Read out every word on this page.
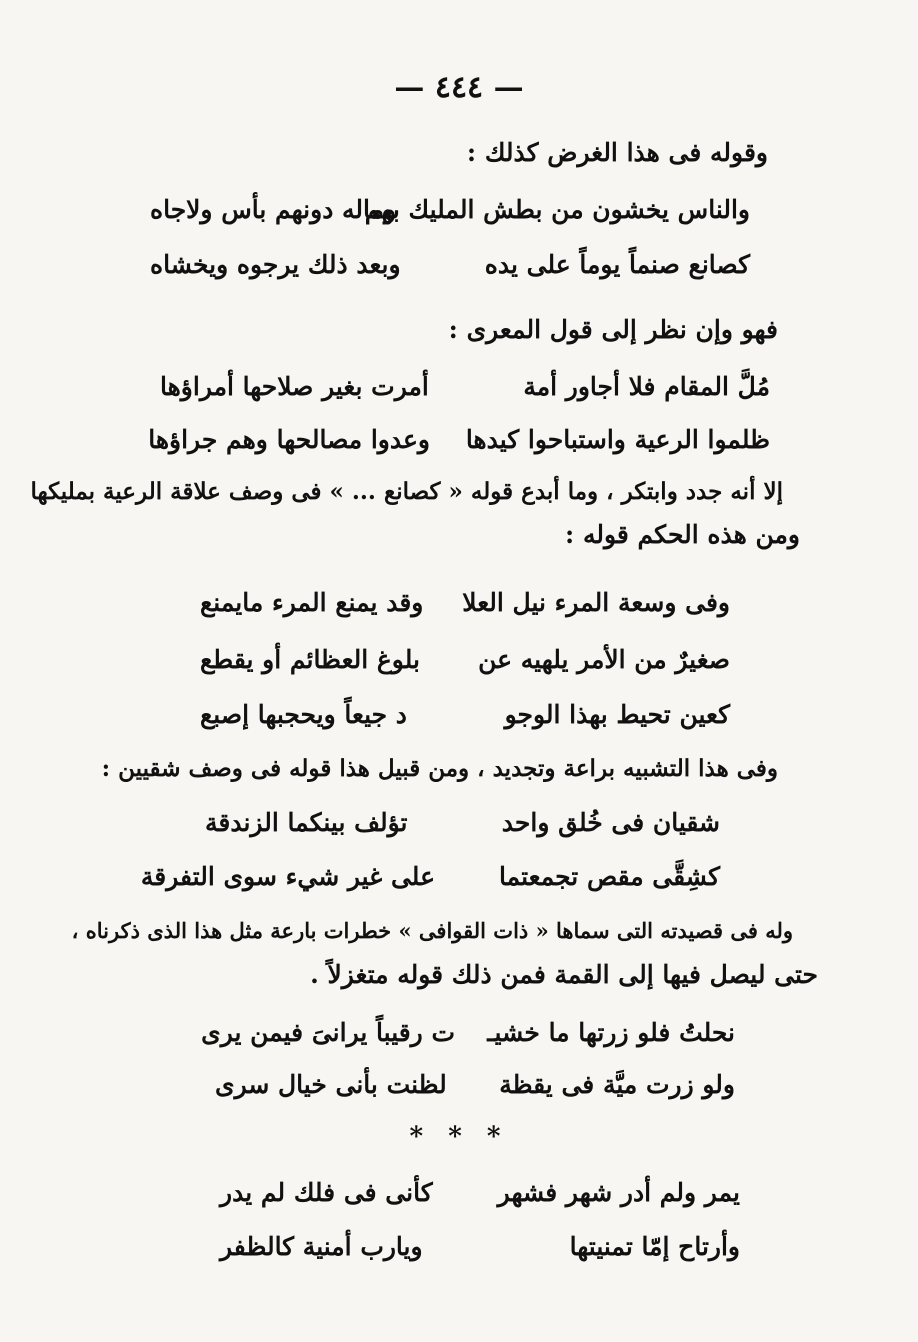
— ٤٤٤ —
وقوله فى هذا الغرض كذلك :
والناس يخشون من بطش المليك بهم
وماله دونهم بأس ولاجاه
كصانع صنماً يوماً على يده
وبعد ذلك يرجوه ويخشاه
فهو وإن نظر إلى قول المعرى :
مُلَّ المقام فلا أجاور أمة
أمرت بغير صلاحها أمراؤها
ظلموا الرعية واستباحوا كيدها
وعدوا مصالحها وهم جراؤها
إلا أنه جدد وابتكر ، وما أبدع قوله « كصانع ... » فى وصف علاقة الرعية بمليكها
ومن هذه الحكم قوله :
وفى وسعة المرء نيل العلا
وقد يمنع المرء مايمنع
صغيرٌ من الأمر يلهيه عن
بلوغ العظائم أو يقطع
كعين تحيط بهذا الوجو
د جيعاً ويحجبها إصبع
وفى هذا التشبيه براعة وتجديد ، ومن قبيل هذا قوله فى وصف شقيين :
شقيان فى خُلق واحد
تؤلف بينكما الزندقة
كشِقَّى مقص تجمعتما
على غير شيء سوى التفرقة
وله فى قصيدته التى سماها « ذات القوافى » خطرات بارعة مثل هذا الذى ذكرناه ،
حتى ليصل فيها إلى القمة فمن ذلك قوله متغزلاً .
نحلتُ فلو زرتها ما خشيـ
ت رقيباً يرانىَ فيمن يرى
ولو زرت ميَّة فى يقظة
لظنت بأنى خيال سرى
* * *
يمر ولم أدر شهر فشهر
كأنى فى فلك لم يدر
وأرتاح إمّا تمنيتها
ويارب أمنية كالظفر
